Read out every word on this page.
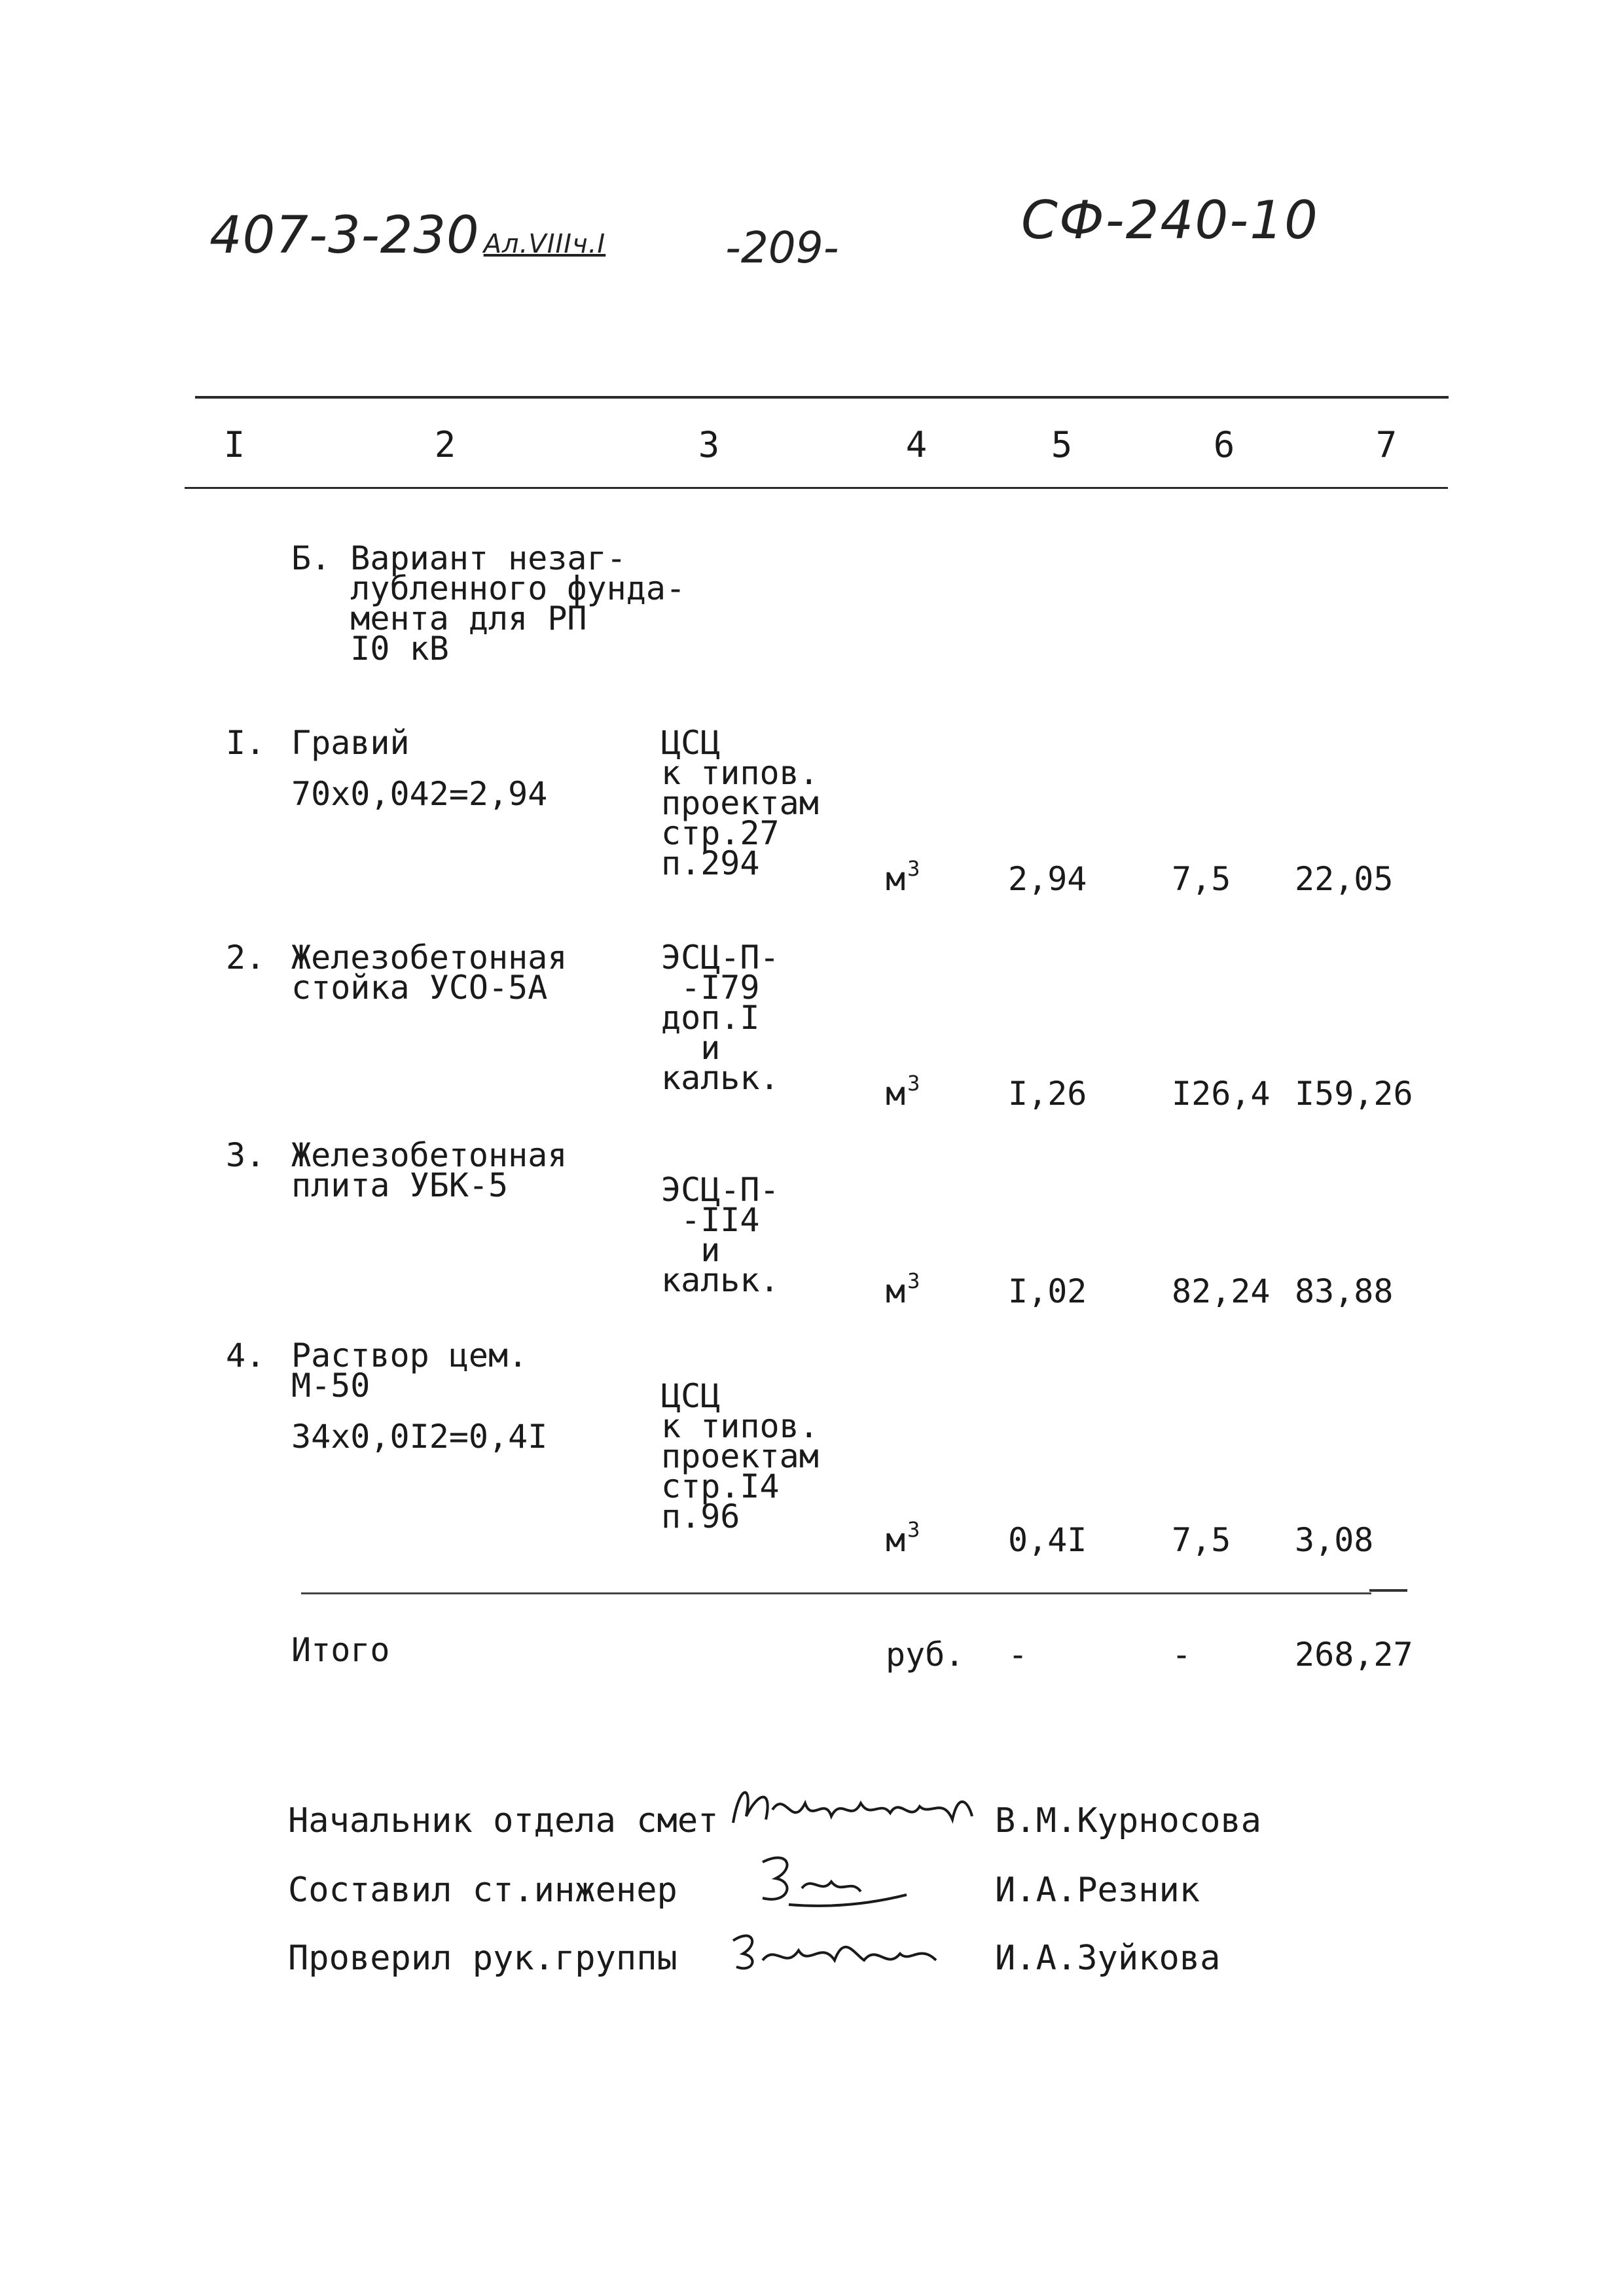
407-3-230 Ал.VIIIч.I	-209-	СФ-240-10
I	2	3	4	5	6	7
Б. Вариант незаг-
лубленного фунда-
мента для РП
I0 кВ
I. Гравий
70х0,042=2,94
ЦСЦ
к типов.
проектам
стр.27
п.294	$м^3$	2,94	7,5 22,05
2. Железобетонная
стойка УСО-5А
ЭСЦ-П-
-I79
доп.I
и
кальк.	$м^3$	I,26	I26,4 I59,26
3. Железобетонная
плита УБК-5	ЭСЦ-П-
-II4
и
кальк.	$м^3$	I,02	82,24 83,88
4. Раствор цем.
М-50
34х0,0I2=0,4I
ЦСЦ
к типов.
проектам
стр.I4
п.96
$м^3$	0,4I	7,5 3,08
Итого	руб. -	-	268,27
Начальник отдела смет	В.М.Курносова
Составил ст.инженер	И.А.Резник
Проверил рук.группы	И.А.Зуйкова
